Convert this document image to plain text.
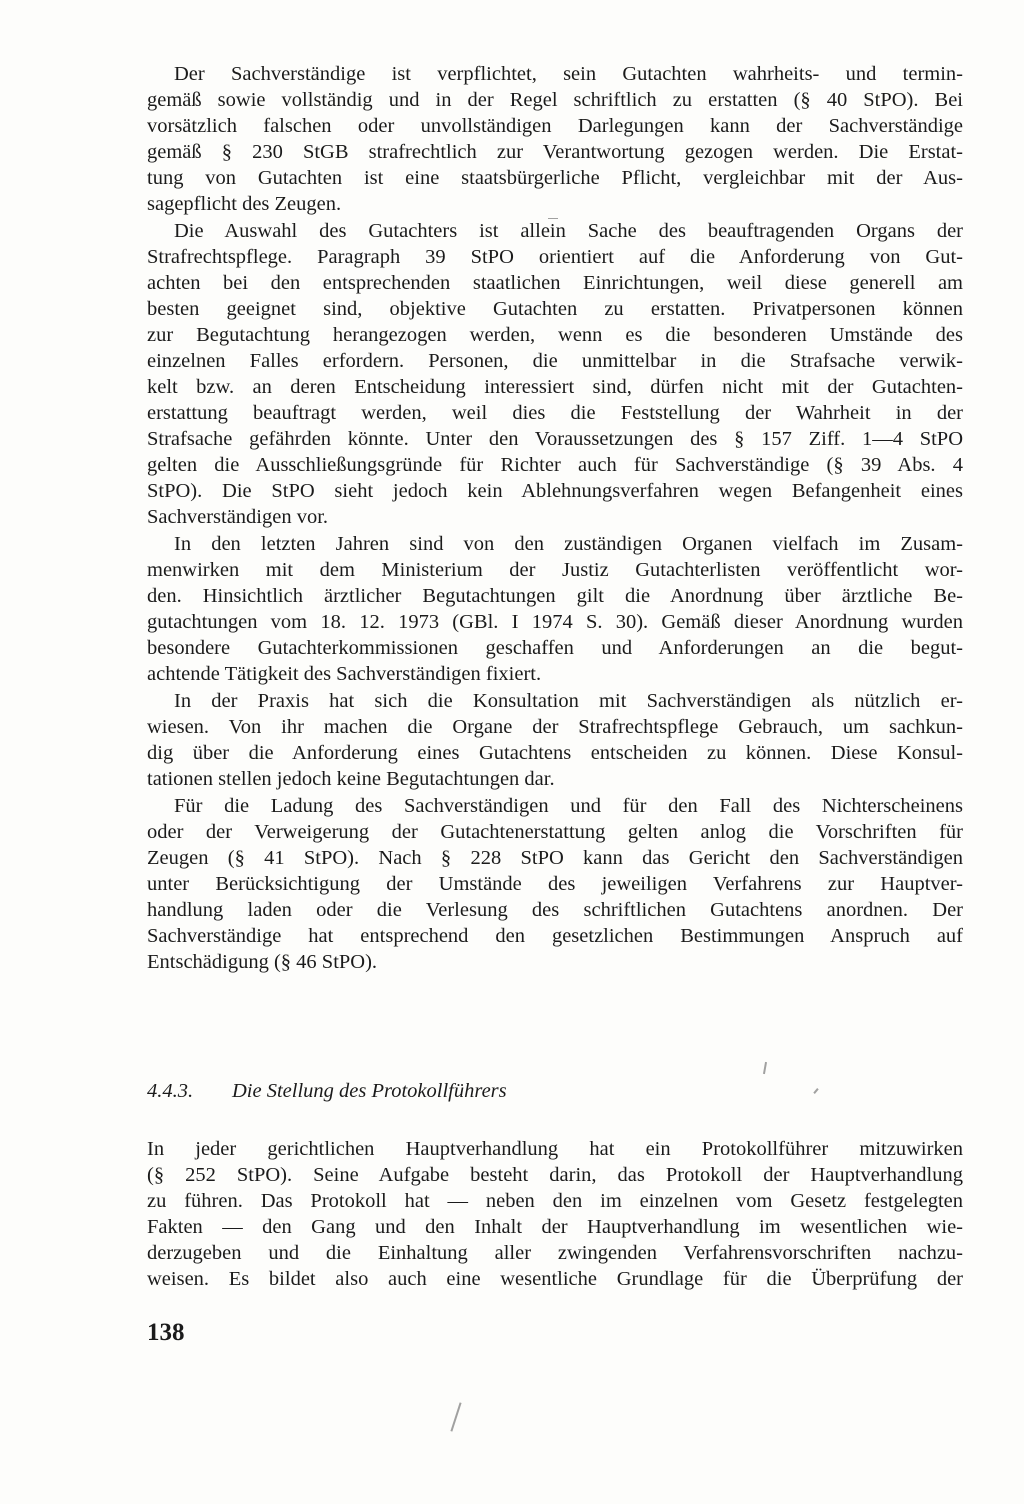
Der Sachverständige ist verpflichtet, sein Gutachten wahrheits- und termin-
gemäß sowie vollständig und in der Regel schriftlich zu erstatten (§ 40 StPO). Bei
vorsätzlich falschen oder unvollständigen Darlegungen kann der Sachverständige
gemäß § 230 StGB strafrechtlich zur Verantwortung gezogen werden. Die Erstat-
tung von Gutachten ist eine staatsbürgerliche Pflicht, vergleichbar mit der Aus-
sagepflicht des Zeugen.
Die Auswahl des Gutachters ist allein Sache des beauftragenden Organs der
Strafrechtspflege. Paragraph 39 StPO orientiert auf die Anforderung von Gut-
achten bei den entsprechenden staatlichen Einrichtungen, weil diese generell am
besten geeignet sind, objektive Gutachten zu erstatten. Privatpersonen können
zur Begutachtung herangezogen werden, wenn es die besonderen Umstände des
einzelnen Falles erfordern. Personen, die unmittelbar in die Strafsache verwik-
kelt bzw. an deren Entscheidung interessiert sind, dürfen nicht mit der Gutachten-
erstattung beauftragt werden, weil dies die Feststellung der Wahrheit in der
Strafsache gefährden könnte. Unter den Voraussetzungen des § 157 Ziff. 1—4 StPO
gelten die Ausschließungsgründe für Richter auch für Sachverständige (§ 39 Abs. 4
StPO). Die StPO sieht jedoch kein Ablehnungsverfahren wegen Befangenheit eines
Sachverständigen vor.
In den letzten Jahren sind von den zuständigen Organen vielfach im Zusam-
menwirken mit dem Ministerium der Justiz Gutachterlisten veröffentlicht wor-
den. Hinsichtlich ärztlicher Begutachtungen gilt die Anordnung über ärztliche Be-
gutachtungen vom 18. 12. 1973 (GBl. I 1974 S. 30). Gemäß dieser Anordnung wurden
besondere Gutachterkommissionen geschaffen und Anforderungen an die begut-
achtende Tätigkeit des Sachverständigen fixiert.
In der Praxis hat sich die Konsultation mit Sachverständigen als nützlich er-
wiesen. Von ihr machen die Organe der Strafrechtspflege Gebrauch, um sachkun-
dig über die Anforderung eines Gutachtens entscheiden zu können. Diese Konsul-
tationen stellen jedoch keine Begutachtungen dar.
Für die Ladung des Sachverständigen und für den Fall des Nichterscheinens
oder der Verweigerung der Gutachtenerstattung gelten anlog die Vorschriften für
Zeugen (§ 41 StPO). Nach § 228 StPO kann das Gericht den Sachverständigen
unter Berücksichtigung der Umstände des jeweiligen Verfahrens zur Hauptver-
handlung laden oder die Verlesung des schriftlichen Gutachtens anordnen. Der
Sachverständige hat entsprechend den gesetzlichen Bestimmungen Anspruch auf
Entschädigung (§ 46 StPO).
4.4.3. Die Stellung des Protokollführers
In jeder gerichtlichen Hauptverhandlung hat ein Protokollführer mitzuwirken
(§ 252 StPO). Seine Aufgabe besteht darin, das Protokoll der Hauptverhandlung
zu führen. Das Protokoll hat — neben den im einzelnen vom Gesetz festgelegten
Fakten — den Gang und den Inhalt der Hauptverhandlung im wesentlichen wie-
derzugeben und die Einhaltung aller zwingenden Verfahrensvorschriften nachzu-
weisen. Es bildet also auch eine wesentliche Grundlage für die Überprüfung der
138
